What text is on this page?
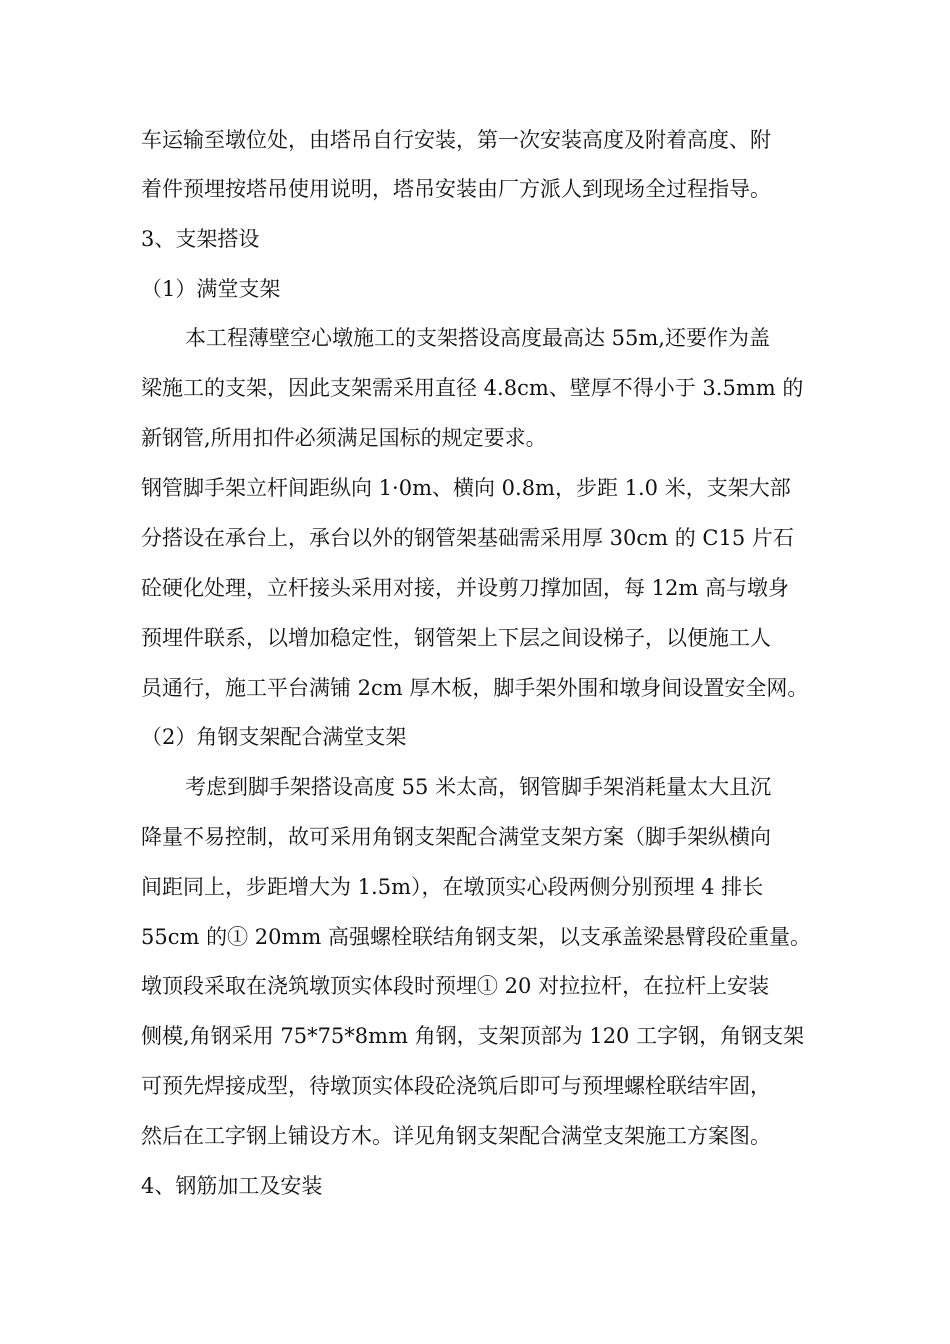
车运输至墩位处，由塔吊自行安装，第一次安装高度及附着高度、附
着件预埋按塔吊使用说明，塔吊安装由厂方派人到现场全过程指导。
3、支架搭设
（1）满堂支架
本工程薄壁空心墩施工的支架搭设高度最高达 55m,还要作为盖
梁施工的支架，因此支架需采用直径 4.8cm、壁厚不得小于 3.5mm 的
新钢管,所用扣件必须满足国标的规定要求。
钢管脚手架立杆间距纵向 1·0m、横向 0.8m，步距 1.0 米，支架大部
分搭设在承台上，承台以外的钢管架基础需采用厚 30cm 的 C15 片石
砼硬化处理，立杆接头采用对接，并设剪刀撑加固，每 12m 高与墩身
预埋件联系，以增加稳定性，钢管架上下层之间设梯子，以便施工人
员通行，施工平台满铺 2cm 厚木板，脚手架外围和墩身间设置安全网。
（2）角钢支架配合满堂支架
考虑到脚手架搭设高度 55 米太高，钢管脚手架消耗量太大且沉
降量不易控制，故可采用角钢支架配合满堂支架方案（脚手架纵横向
间距同上，步距增大为 1.5m），在墩顶实心段两侧分别预埋 4 排长
55cm 的① 20mm 高强螺栓联结角钢支架，以支承盖梁悬臂段砼重量。
墩顶段采取在浇筑墩顶实体段时预埋① 20 对拉拉杆，在拉杆上安装
侧模,角钢采用 75*75*8mm 角钢，支架顶部为 120 工字钢，角钢支架
可预先焊接成型，待墩顶实体段砼浇筑后即可与预埋螺栓联结牢固，
然后在工字钢上铺设方木。详见角钢支架配合满堂支架施工方案图。
4、钢筋加工及安装
